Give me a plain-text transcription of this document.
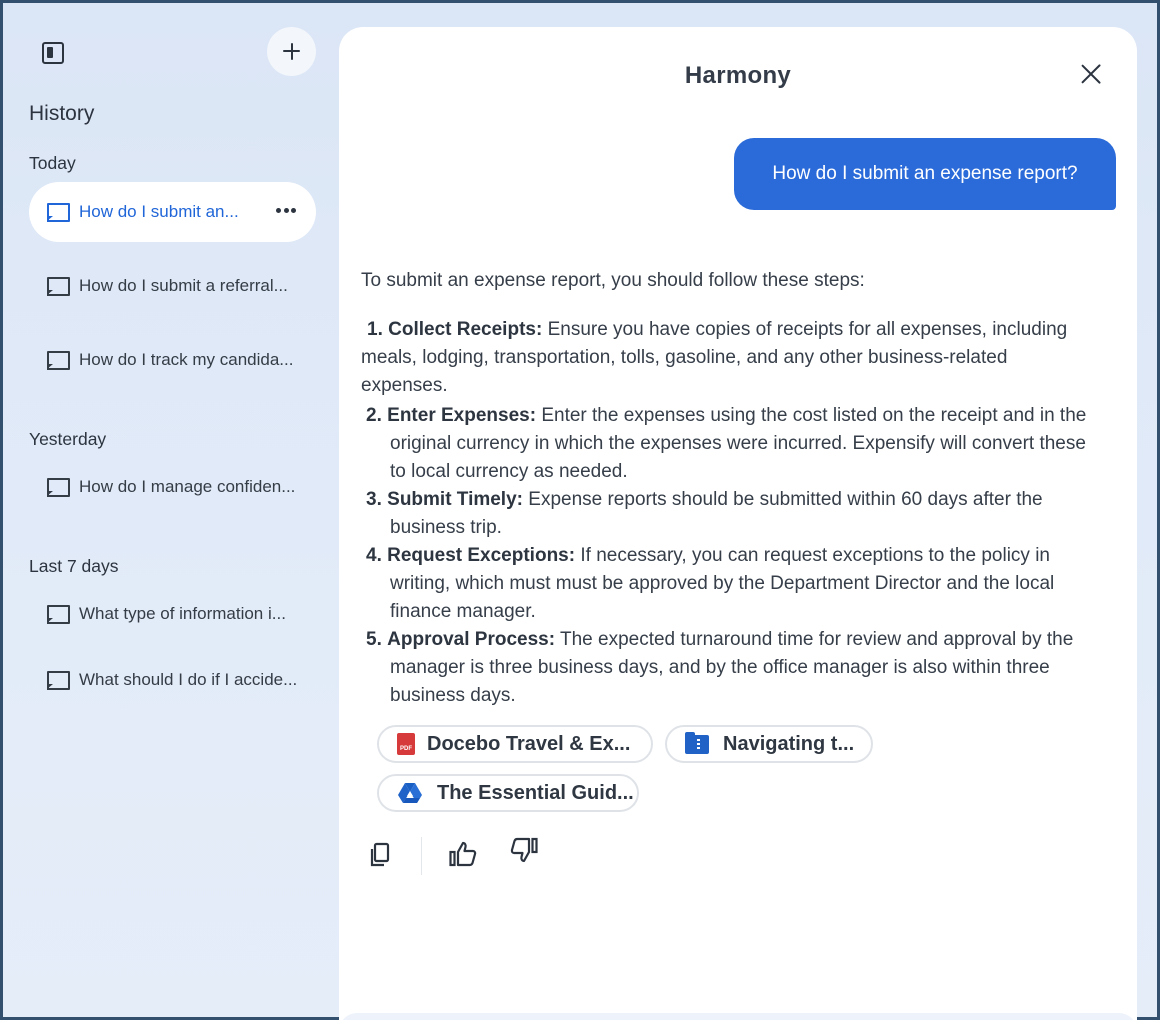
History
Today
How do I submit an...
How do I submit a referral...
How do I track my candida...
Yesterday
How do I manage confiden...
Last 7 days
What type of information i...
What should I do if I accide...
Harmony
How do I submit an expense report?
To submit an expense report, you should follow these steps:
1. Collect Receipts: Ensure you have copies of receipts for all expenses, including meals, lodging, transportation, tolls, gasoline, and any other business-related expenses.
2. Enter Expenses: Enter the expenses using the cost listed on the receipt and in the original currency in which the expenses were incurred. Expensify will convert these to local currency as needed.
3. Submit Timely: Expense reports should be submitted within 60 days after the business trip.
4. Request Exceptions: If necessary, you can request exceptions to the policy in writing, which must must be approved by the Department Director and the local finance manager.
5. Approval Process: The expected turnaround time for review and approval by the manager is three business days, and by the office manager is also within three business days.
PDF
Docebo Travel & Ex...	Navigating t...
The Essential Guid...
